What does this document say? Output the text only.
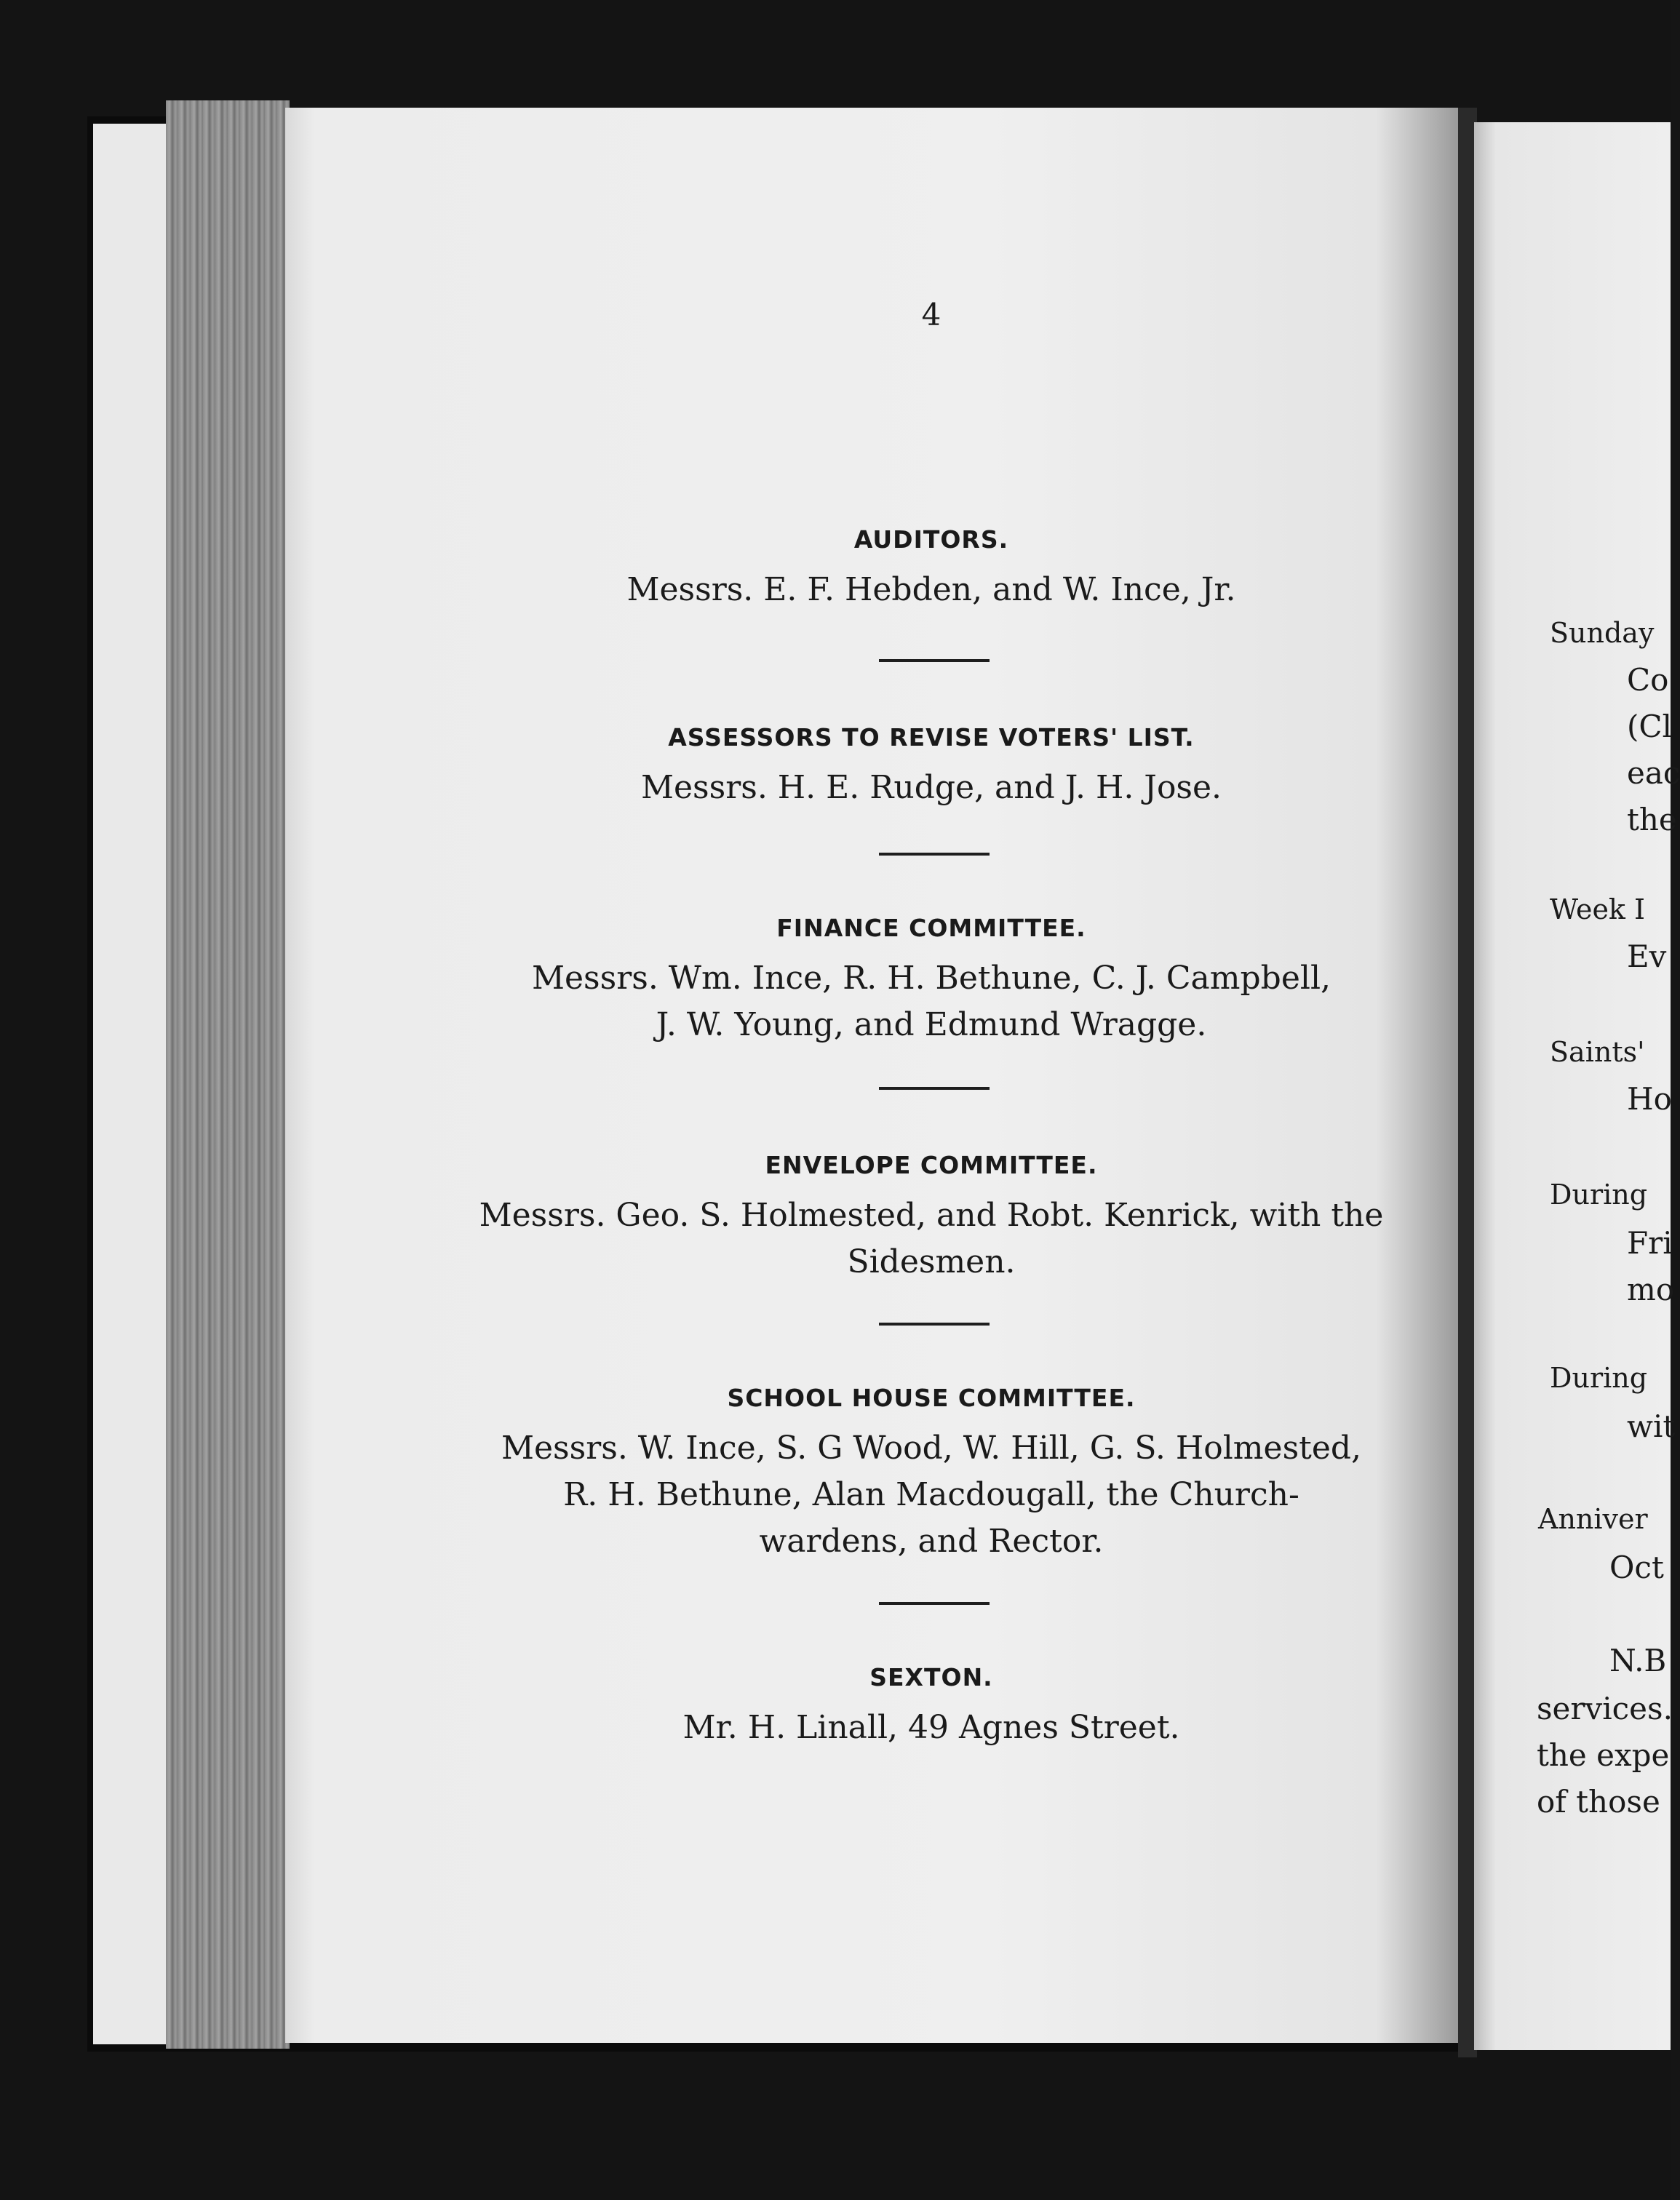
4

AUDITORS.

Messrs. E. F. Hebden, and W. Ince, Jr.

ASSESSORS TO REVISE VOTERS' LIST.

Messrs. H. E. Rudge, and J. H. Jose.

FINANCE COMMITTEE.

Messrs. Wm. Ince, R. H. Bethune, C. J. Campbell,

J. W. Young, and Edmund Wragge.

ENVELOPE COMMITTEE.

Messrs. Geo. S. Holmested, and Robt. Kenrick, with the

Sidesmen.

SCHOOL HOUSE COMMITTEE.

Messrs. W. Ince, S. G Wood, W. Hill, G. S. Holmested,

R. H. Bethune, Alan Macdougall, the Church-

wardens, and Rector.

SEXTON.

Mr. H. Linall, 49 Agnes Street.

Sunday
Co
(Cl
eac
the
Week I
Ev
Saints'
Ho
During
Fri
mo
During
wit
Anniver
Oct
N.B
services.
the expe
of those
